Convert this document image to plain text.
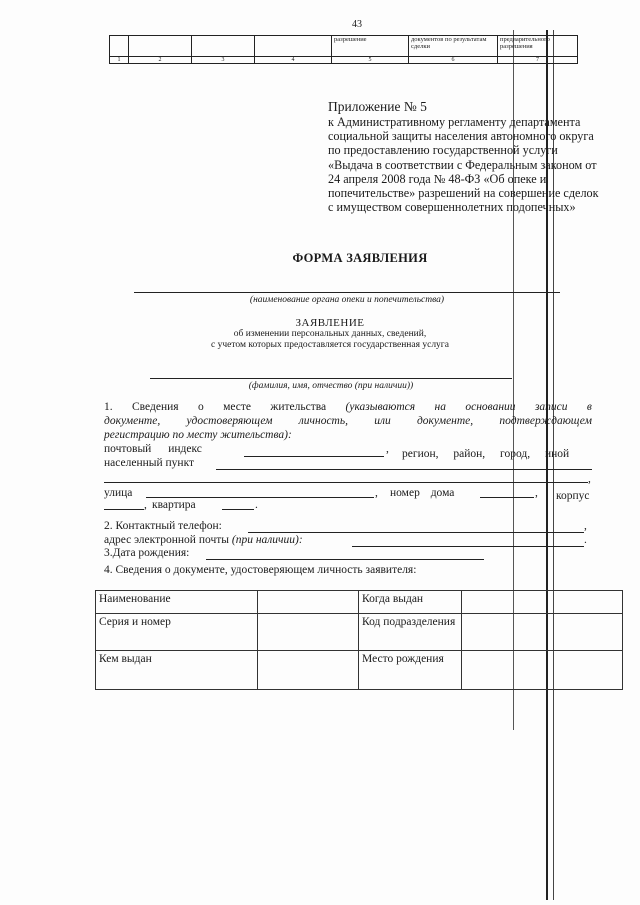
43
				разрешение	документов по результатам сделки	предварительного разрешения
1	2	3	4	5	6	7
Приложение № 5

к Административному регламенту департамента социальной защиты населения автономного округа по предоставлению государственной услуги «Выдача в соответствии с Федеральным законом от 24 апреля 2008 года № 48-ФЗ «Об опеке и попечительстве» разрешений на совершение сделок с имуществом совершеннолетних подопечных»

ФОРМА ЗАЯВЛЕНИЯ
(наименование органа опеки и попечительства)
ЗАЯВЛЕНИЕ
об изменении персональных данных, сведений,
с учетом которых предоставляется государственная услуга
(фамилия, имя, отчество (при наличии))
1. Сведения о месте жительства (указываются на основании записи в
документе, удостоверяющем личность, или документе, подтверждающем
регистрацию по месту жительства):
почтовый индекс	, регион, район, город, иной
населенный пункт
,
улица	, номер дома	, корпус
, квартира	.
2. Контактный телефон:	,
адрес электронной почты (при наличии):	.
3.Дата рождения:
4. Сведения о документе, удостоверяющем личность заявителя:
Наименование		Когда выдан	
Серия и номер		Код подразделения	
Кем выдан		Место рождения	
